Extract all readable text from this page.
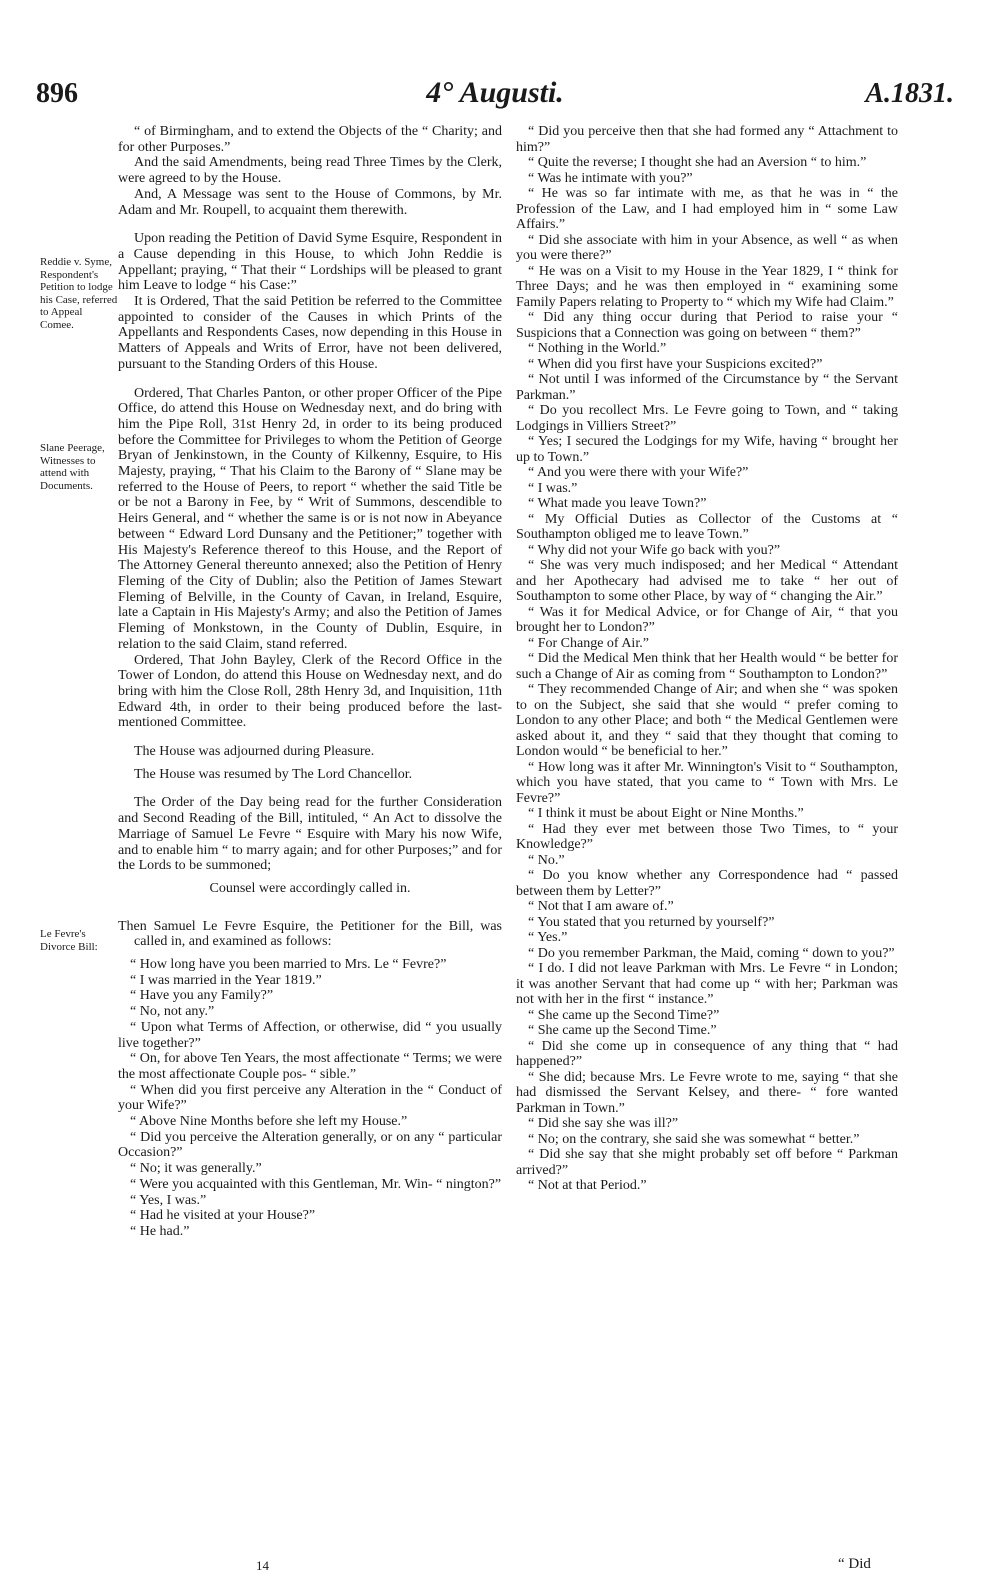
896	4° Augusti.	A.1831.
Reddie v. Syme, Respondent's Petition to lodge his Case, referred to Appeal Comee.
Slane Peerage, Witnesses to attend with Documents.
Le Fevre's Divorce Bill:

“ of Birmingham, and to extend the Objects of the “ Charity; and for other Purposes.”

And the said Amendments, being read Three Times by the Clerk, were agreed to by the House.

And, A Message was sent to the House of Commons, by Mr. Adam and Mr. Roupell, to acquaint them therewith.

Upon reading the Petition of David Syme Esquire, Respondent in a Cause depending in this House, to which John Reddie is Appellant; praying, “ That their “ Lordships will be pleased to grant him Leave to lodge “ his Case:”

It is Ordered, That the said Petition be referred to the Committee appointed to consider of the Causes in which Prints of the Appellants and Respondents Cases, now depending in this House in Matters of Appeals and Writs of Error, have not been delivered, pursuant to the Standing Orders of this House.

Ordered, That Charles Panton, or other proper Officer of the Pipe Office, do attend this House on Wednesday next, and do bring with him the Pipe Roll, 31st Henry 2d, in order to its being produced before the Committee for Privileges to whom the Petition of George Bryan of Jenkinstown, in the County of Kilkenny, Esquire, to His Majesty, praying, “ That his Claim to the Barony of “ Slane may be referred to the House of Peers, to report “ whether the said Title be or be not a Barony in Fee, by “ Writ of Summons, descendible to Heirs General, and “ whether the same is or is not now in Abeyance between “ Edward Lord Dunsany and the Petitioner;” together with His Majesty's Reference thereof to this House, and the Report of The Attorney General thereunto annexed; also the Petition of Henry Fleming of the City of Dublin; also the Petition of James Stewart Fleming of Belville, in the County of Cavan, in Ireland, Esquire, late a Captain in His Majesty's Army; and also the Petition of James Fleming of Monkstown, in the County of Dublin, Esquire, in relation to the said Claim, stand referred.

Ordered, That John Bayley, Clerk of the Record Office in the Tower of London, do attend this House on Wednesday next, and do bring with him the Close Roll, 28th Henry 3d, and Inquisition, 11th Edward 4th, in order to their being produced before the last-mentioned Committee.

The House was adjourned during Pleasure.

The House was resumed by The Lord Chancellor.

The Order of the Day being read for the further Consideration and Second Reading of the Bill, intituled, “ An Act to dissolve the Marriage of Samuel Le Fevre “ Esquire with Mary his now Wife, and to enable him “ to marry again; and for other Purposes;” and for the Lords to be summoned;

Counsel were accordingly called in.

Then Samuel Le Fevre Esquire, the Petitioner for the Bill, was called in, and examined as follows:

“ How long have you been married to Mrs. Le “ Fevre?”

“ I was married in the Year 1819.”

“ Have you any Family?”

“ No, not any.”

“ Upon what Terms of Affection, or otherwise, did “ you usually live together?”

“ On, for above Ten Years, the most affectionate “ Terms; we were the most affectionate Couple pos- “ sible.”

“ When did you first perceive any Alteration in the “ Conduct of your Wife?”

“ Above Nine Months before she left my House.”

“ Did you perceive the Alteration generally, or on any “ particular Occasion?”

“ No; it was generally.”

“ Were you acquainted with this Gentleman, Mr. Win- “ nington?”

“ Yes, I was.”

“ Had he visited at your House?”

“ He had.”

“ Did you perceive then that she had formed any “ Attachment to him?”

“ Quite the reverse; I thought she had an Aversion “ to him.”

“ Was he intimate with you?”

“ He was so far intimate with me, as that he was in “ the Profession of the Law, and I had employed him in “ some Law Affairs.”

“ Did she associate with him in your Absence, as well “ as when you were there?”

“ He was on a Visit to my House in the Year 1829, I “ think for Three Days; and he was then employed in “ examining some Family Papers relating to Property to “ which my Wife had Claim.”

“ Did any thing occur during that Period to raise your “ Suspicions that a Connection was going on between “ them?”

“ Nothing in the World.”

“ When did you first have your Suspicions excited?”

“ Not until I was informed of the Circumstance by “ the Servant Parkman.”

“ Do you recollect Mrs. Le Fevre going to Town, and “ taking Lodgings in Villiers Street?”

“ Yes; I secured the Lodgings for my Wife, having “ brought her up to Town.”

“ And you were there with your Wife?”

“ I was.”

“ What made you leave Town?”

“ My Official Duties as Collector of the Customs at “ Southampton obliged me to leave Town.”

“ Why did not your Wife go back with you?”

“ She was very much indisposed; and her Medical “ Attendant and her Apothecary had advised me to take “ her out of Southampton to some other Place, by way of “ changing the Air.”

“ Was it for Medical Advice, or for Change of Air, “ that you brought her to London?”

“ For Change of Air.”

“ Did the Medical Men think that her Health would “ be better for such a Change of Air as coming from “ Southampton to London?”

“ They recommended Change of Air; and when she “ was spoken to on the Subject, she said that she would “ prefer coming to London to any other Place; and both “ the Medical Gentlemen were asked about it, and they “ said that they thought that coming to London would “ be beneficial to her.”

“ How long was it after Mr. Winnington's Visit to “ Southampton, which you have stated, that you came to “ Town with Mrs. Le Fevre?”

“ I think it must be about Eight or Nine Months.”

“ Had they ever met between those Two Times, to “ your Knowledge?”

“ No.”

“ Do you know whether any Correspondence had “ passed between them by Letter?”

“ Not that I am aware of.”

“ You stated that you returned by yourself?”

“ Yes.”

“ Do you remember Parkman, the Maid, coming “ down to you?”

“ I do. I did not leave Parkman with Mrs. Le Fevre “ in London; it was another Servant that had come up “ with her; Parkman was not with her in the first “ instance.”

“ She came up the Second Time?”

“ She came up the Second Time.”

“ Did she come up in consequence of any thing that “ had happened?”

“ She did; because Mrs. Le Fevre wrote to me, saying “ that she had dismissed the Servant Kelsey, and there- “ fore wanted Parkman in Town.”

“ Did she say she was ill?”

“ No; on the contrary, she said she was somewhat “ better.”

“ Did she say that she might probably set off before “ Parkman arrived?”

“ Not at that Period.”

14	“ Did
